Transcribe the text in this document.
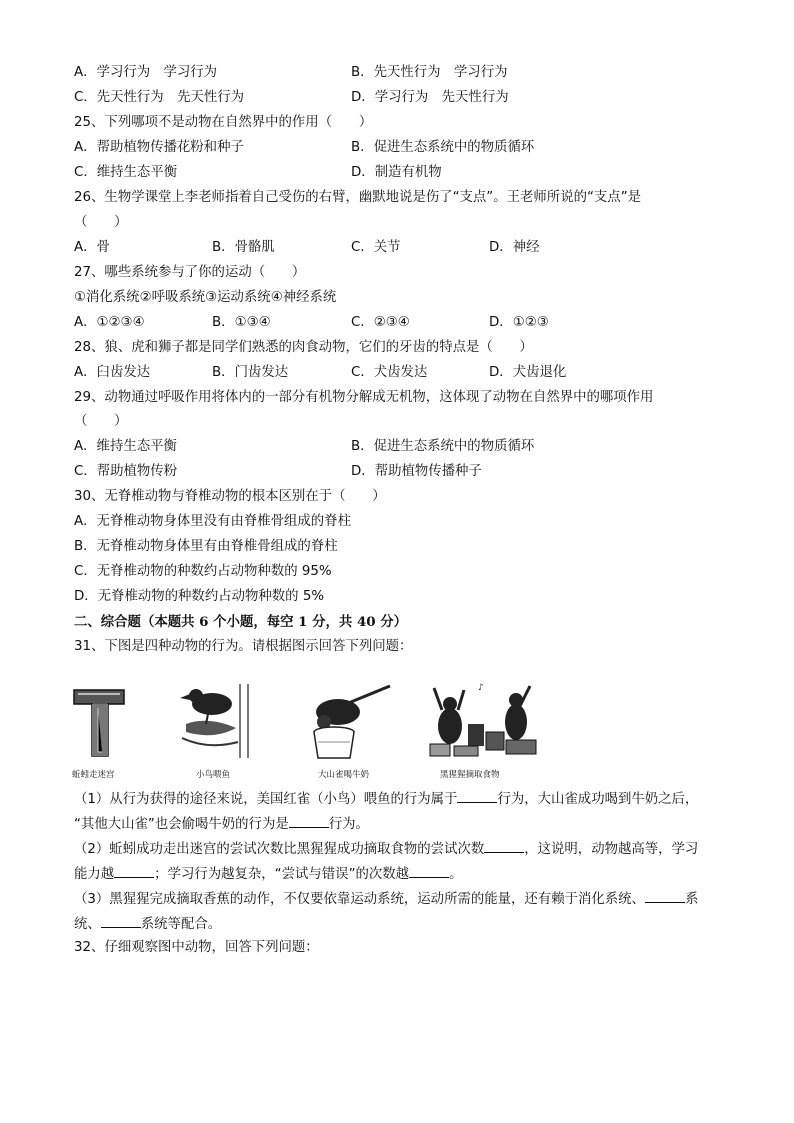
A．学习行为　学习行为	B．先天性行为　学习行为
C．先天性行为　先天性行为	D．学习行为　先天性行为
25、下列哪项不是动物在自然界中的作用（　　）
A．帮助植物传播花粉和种子	B．促进生态系统中的物质循环
C．维持生态平衡	D．制造有机物
26、生物学课堂上李老师指着自己受伤的右臂，幽默地说是伤了“支点”。王老师所说的“支点”是
（　　）
A．骨	B．骨骼肌	C．关节	D．神经
27、哪些系统参与了你的运动（　　）
①消化系统②呼吸系统③运动系统④神经系统
A．①②③④	B．①③④	C．②③④	D．①②③
28、狼、虎和狮子都是同学们熟悉的肉食动物，它们的牙齿的特点是（　　）
A．臼齿发达	B．门齿发达	C．犬齿发达	D．犬齿退化
29、动物通过呼吸作用将体内的一部分有机物分解成无机物，这体现了动物在自然界中的哪项作用
（　　）
A．维持生态平衡	B．促进生态系统中的物质循环
C．帮助植物传粉	D．帮助植物传播种子
30、无脊椎动物与脊椎动物的根本区别在于（　　）
A．无脊椎动物身体里没有由脊椎骨组成的脊柱
B．无脊椎动物身体里有由脊椎骨组成的脊柱
C．无脊椎动物的种数约占动物种数的 95%
D．无脊椎动物的种数约占动物种数的 5%
二、综合题（本题共 6 个小题，每空 1 分，共 40 分）
31、下图是四种动物的行为。请根据图示回答下列问题：
蚯蚓走迷宫	小鸟喂鱼	大山雀喝牛奶
♪
黑猩猩摘取食物
（1）从行为获得的途径来说，美国红雀（小鸟）喂鱼的行为属于	行为，大山雀成功喝到牛奶之后，
“其他大山雀”也会偷喝牛奶的行为是	行为。
（2）蚯蚓成功走出迷宫的尝试次数比黑猩猩成功摘取食物的尝试次数	，这说明，动物越高等，学习
能力越	；学习行为越复杂，“尝试与错误”的次数越	。
（3）黑猩猩完成摘取香蕉的动作，不仅要依靠运动系统，运动所需的能量，还有赖于消化系统、	系
统、	系统等配合。
32、仔细观察图中动物，回答下列问题：
